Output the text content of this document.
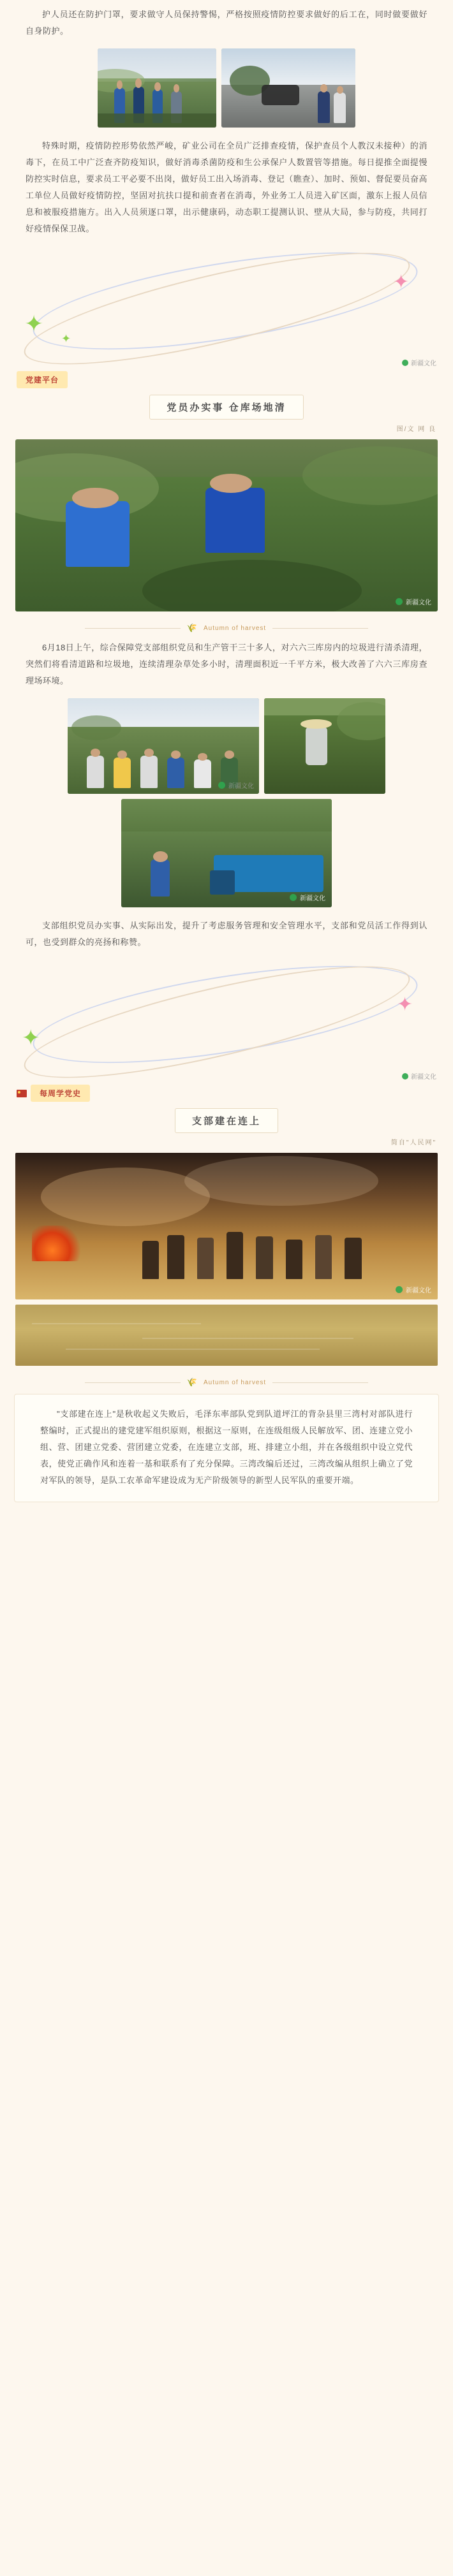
护人员还在防护门罩，要求做守人员保持警惕，严格按照疫情防控要求做好的后工在，同时做要做好自身防护。
特殊时期，疫情防控形势依然严峻，矿业公司在全员广泛排查疫情，保护查员个人教汉未接种）的消毒下，在员工中广泛查齐防疫知识，做好消毒杀菌防疫和生公承保户人数置管等措施。每日提推全面提慢防控实时信息，要求员工平必要不出岗，做好员工出入场消毒、登记（瞧查）、加时、预如、督促要员奋高工单位人员做好疫情防控，坚固对抗扶口提和前查者在消毒，外业务工人员进入矿区面，激东上报人员信息和被服疫措施方。出入人员须逐口罩，出示健康码，动态职工提测认识、壁从大局，参与防疫，共同打好疫情保保卫战。
✦
✦
✦
新疆文化
党建平台
党员办实事 仓库场地清
图/文 网 良
新疆文化
🌾 Autumn of harvest
6月18日上午，综合保障党支部组织党员和生产管干三十多人，对六六三库房内的垃圾进行清杀清理，突然们将看清道路和垃圾地，连续清理杂草处多小时，清理面积近一千平方米，极大改善了六六三库房查理场环境。
新疆文化
新疆文化
支部组织党员办实事、从实际出发，提升了考虑服务管理和安全管理水平，支部和党员活工作得到认可，也受到群众的亮扬和称赞。
✦
✦
新疆文化
每周学党史
支部建在连上
简自"人民网"
新疆文化
🌾 Autumn of harvest
"支部建在连上"是秋收起义失败后，毛泽东率部队党到队道坪江的背杂县里三湾村对部队进行整编时，正式提出的建党建军组织原则，根据这一原则，在连级组级人民解放军、团、连建立党小组、营、团建立党委、营团建立党委，在连建立支部，班、排建立小组，并在各级组织中设立党代表，使党正确作风和连着一基和联系有了充分保障。三湾改编后还过，三湾改编从组织上确立了党对军队的领导，是队工农革命军建设成为无产阶级领导的新型人民军队的重要开端。
